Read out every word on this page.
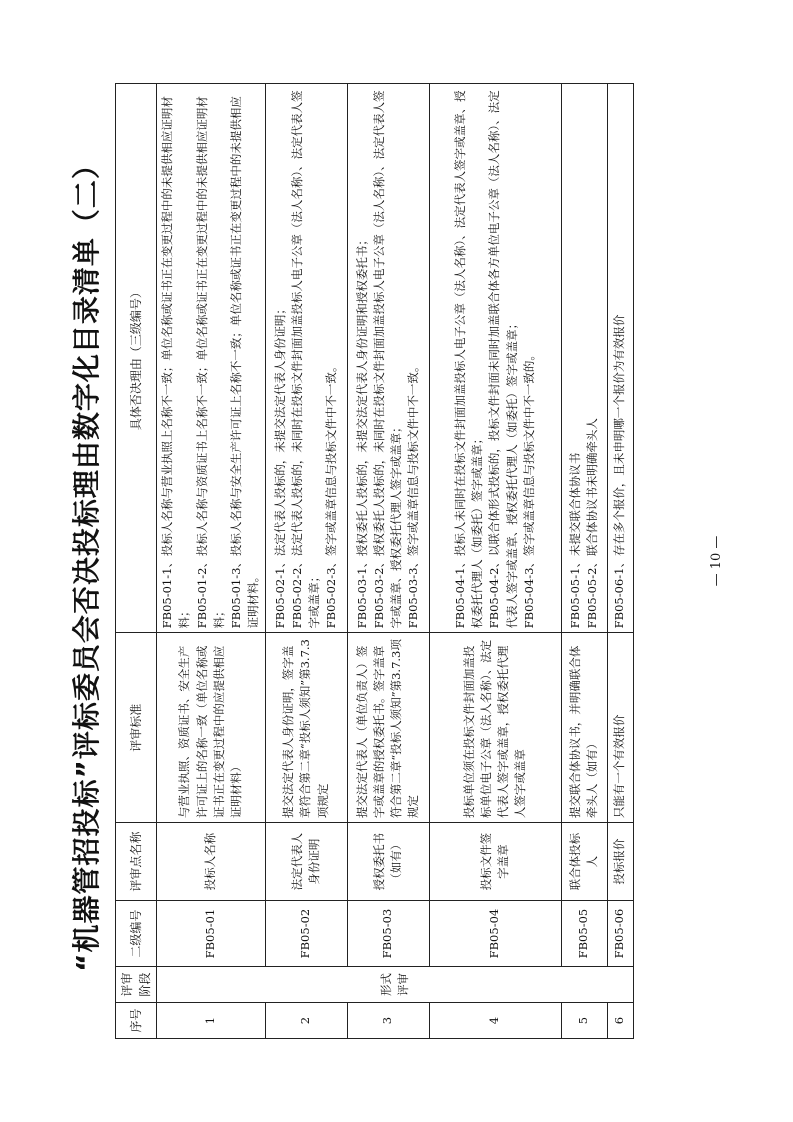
“机器管招投标”评标委员会否决投标理由数字化目录清单（二）
序号	评审阶段	二级编号	评审点名称	评审标准	具体否决理由（三级编号）
1	形式评审	FB05-01	投标人名称	与营业执照、资质证书、安全生产许可证上的名称一致（单位名称或证书正在变更过程中的应提供相应证明材料）	FB05-01-1、投标人名称与营业执照上名称不一致；单位名称或证书正在变更过程中的未提供相应证明材料； FB05-01-2、投标人名称与资质证书上名称不一致；单位名称或证书正在变更过程中的未提供相应证明材料； FB05-01-3、投标人名称与安全生产许可证上名称不一致；单位名称或证书正在变更过程中的未提供相应证明材料。

2		FB05-02	法定代表人身份证明	提交法定代表人身份证明，签字盖章符合第二章“投标人须知”第3.7.3项规定	FB05-02-1、法定代表人投标的，未提交法定代表人身份证明； FB05-02-2、法定代表人投标的，未同时在投标文件封面加盖投标人电子公章（法人名称）、法定代表人签字或盖章； FB05-02-3、签字或盖章信息与投标文件中不一致。

3		FB05-03	授权委托书（如有）	提交法定代表人（单位负责人）签字或盖章的授权委托书。签字盖章符合第二章“投标人须知”第3.7.3项规定	FB05-03-1、授权委托人投标的，未提交法定代表人身份证明和授权委托书； FB05-03-2、授权委托人投标的，未同时在投标文件封面加盖投标人电子公章（法人名称）、法定代表人签字或盖章、授权委托代理人签字或盖章； FB05-03-3、签字或盖章信息与投标文件中不一致。

4		FB05-04	投标文件签字盖章	投标单位须在投标文件封面加盖投标单位电子公章（法人名称）、法定代表人签字或盖章，授权委托代理人签字或盖章	FB05-04-1、投标人未同时在投标文件封面加盖投标人电子公章（法人名称）、法定代表人签字或盖章、授权委托代理人（如委托）签字或盖章； FB05-04-2、以联合体形式投标的，投标文件封面未同时加盖联合体各方单位电子公章（法人名称）、法定代表人签字或盖章、授权委托代理人（如委托）签字或盖章； FB05-04-3、签字或盖章信息与投标文件中不一致的。

5		FB05-05	联合体投标人	提交联合体协议书，并明确联合体牵头人（如有）	FB05-05-1、未提交联合体协议书 FB05-05-2、联合体协议书未明确牵头人

6		FB05-06	投标报价	只能有一个有效报价	FB05-06-1、存在多个报价，且未申明哪一个报价为有效报价	— 10 —
